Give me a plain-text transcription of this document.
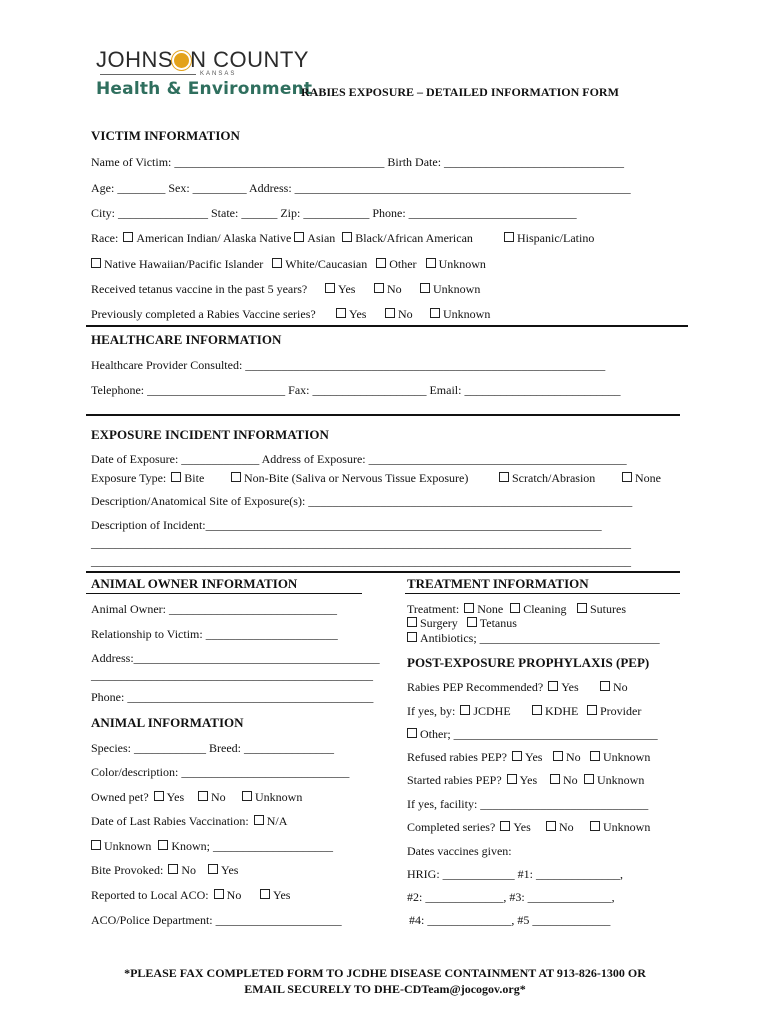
JOHNS N COUNTY
KANSAS
Health & Environment
RABIES EXPOSURE – DETAILED INFORMATION FORM
VICTIM INFORMATION
Name of Victim: ___________________________________ Birth Date: ______________________________
Age: ________ Sex: _________ Address: ________________________________________________________
City: _______________ State: ______ Zip: ___________ Phone: ____________________________
Race: American Indian/ Alaska Native Asian Black/African American	Hispanic/Latino
Native Hawaiian/Pacific Islander White/Caucasian Other Unknown
Received tetanus vaccine in the past 5 years?	Yes	No	Unknown
Previously completed a Rabies Vaccine series?	Yes	No	Unknown
HEALTHCARE INFORMATION
Healthcare Provider Consulted: ____________________________________________________________
Telephone: _______________________ Fax: ___________________ Email: __________________________
EXPOSURE INCIDENT INFORMATION
Date of Exposure: _____________ Address of Exposure: ___________________________________________
Exposure Type: Bite	Non-Bite (Saliva or Nervous Tissue Exposure)	Scratch/Abrasion	None
Description/Anatomical Site of Exposure(s): ______________________________________________________
Description of Incident:__________________________________________________________________
__________________________________________________________________________________________
__________________________________________________________________________________________
ANIMAL OWNER INFORMATION
Animal Owner: ____________________________
Relationship to Victim: ______________________
Address:_________________________________________
_______________________________________________
Phone: _________________________________________
ANIMAL INFORMATION
Species: ____________ Breed: _______________
Color/description: ____________________________
Owned pet? Yes	No	Unknown
Date of Last Rabies Vaccination: N/A
Unknown Known; ____________________
Bite Provoked: No	Yes
Reported to Local ACO: No	Yes
ACO/Police Department: _____________________
TREATMENT INFORMATION
Treatment: None Cleaning	Sutures
Surgery Tetanus
Antibiotics; ______________________________
POST-EXPOSURE PROPHYLAXIS (PEP)
Rabies PEP Recommended? Yes	No
If yes, by: JCDHE	KDHE	Provider
Other; __________________________________
Refused rabies PEP? Yes	No	Unknown
Started rabies PEP? Yes	No	Unknown
If yes, facility: ____________________________
Completed series? Yes	No	Unknown
Dates vaccines given:
HRIG: ____________ #1: ______________,
#2: _____________, #3: ______________,
#4: ______________, #5 _____________
*PLEASE FAX COMPLETED FORM TO JCDHE DISEASE CONTAINMENT AT 913-826-1300 OR
EMAIL SECURELY TO DHE-CDTeam@jocogov.org*
